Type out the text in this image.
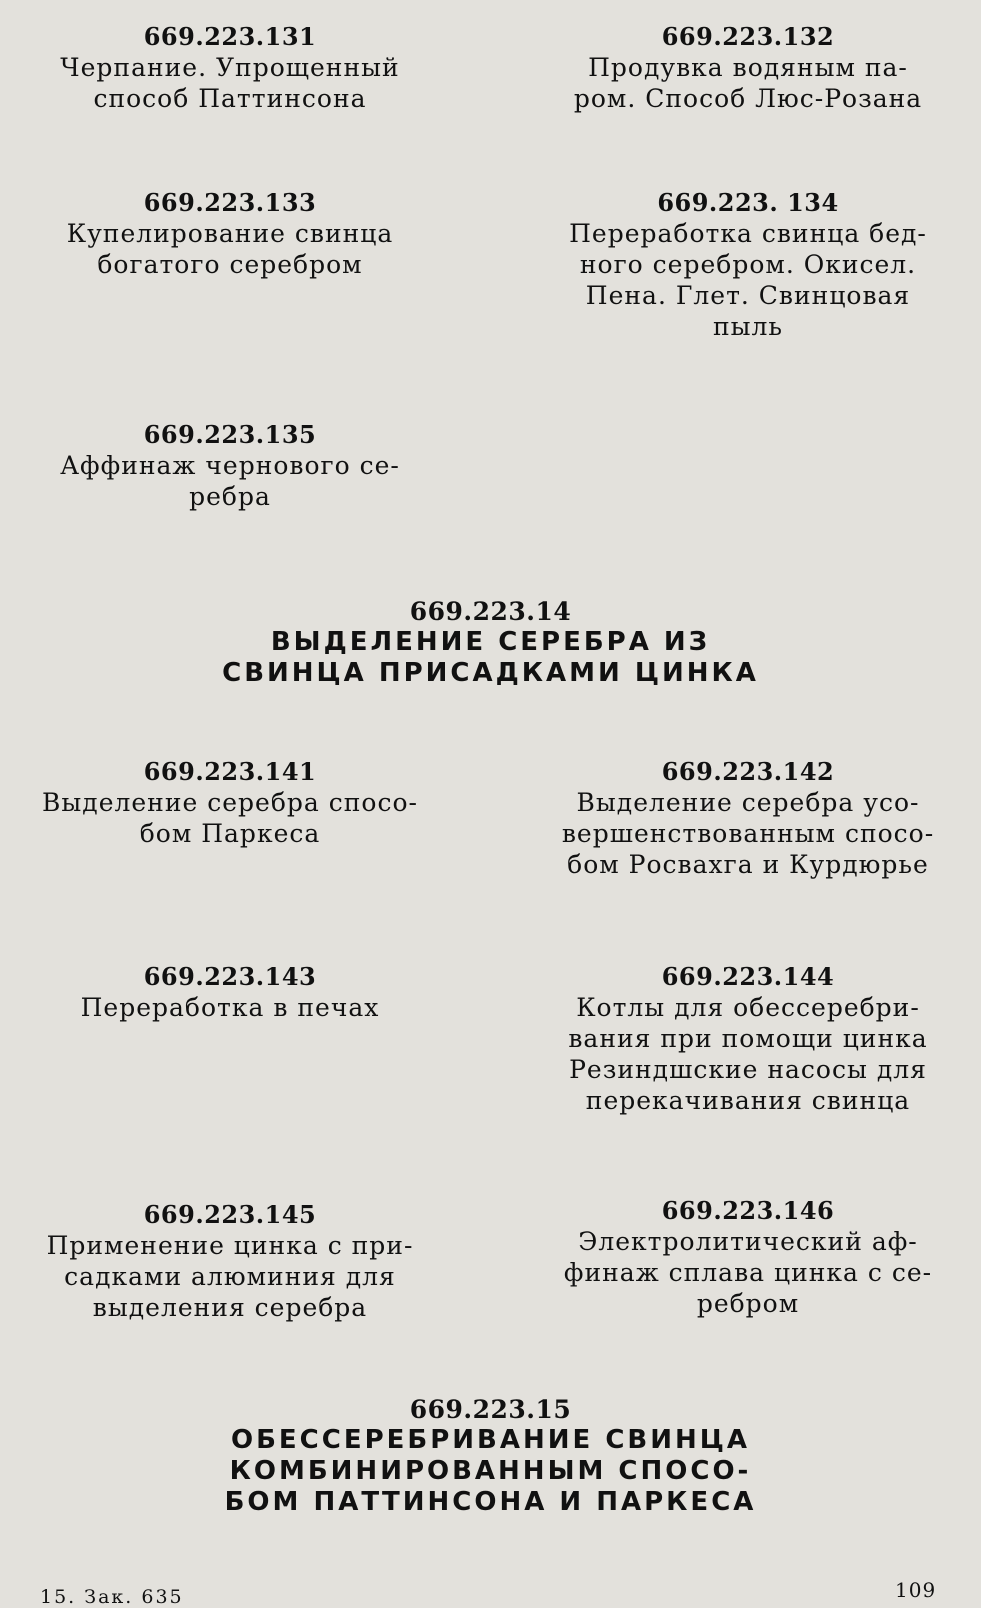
669.223.131
Черпание. Упрощенный
способ Паттинсона
669.223.132
Продувка водяным па-
ром. Способ Люс-Розана
669.223.133
Купелирование свинца
богатого серебром
669.223. 134
Переработка свинца бед-
ного серебром. Окисел.
Пена. Глет. Свинцовая
пыль
669.223.135
Аффинаж чернового се-
ребра
669.223.14
ВЫДЕЛЕНИЕ СЕРЕБРА ИЗ
СВИНЦА ПРИСАДКАМИ ЦИНКА
669.223.141
Выделение серебра спосо-
бом Паркеса
669.223.142
Выделение серебра усо-
вершенствованным спосо-
бом Росвахга и Курдюрье
669.223.143
Переработка в печах
669.223.144
Котлы для обессеребри-
вания при помощи цинка
Резиндшские насосы для
перекачивания свинца
669.223.145
Применение цинка с при-
садками алюминия для
выделения серебра
669.223.146
Электролитический аф-
финаж сплава цинка с се-
ребром
669.223.15
ОБЕССЕРЕБРИВАНИЕ СВИНЦА
КОМБИНИРОВАННЫМ СПОСО-
БОМ ПАТТИНСОНА И ПАРКЕСА
15. Зак. 635	109
